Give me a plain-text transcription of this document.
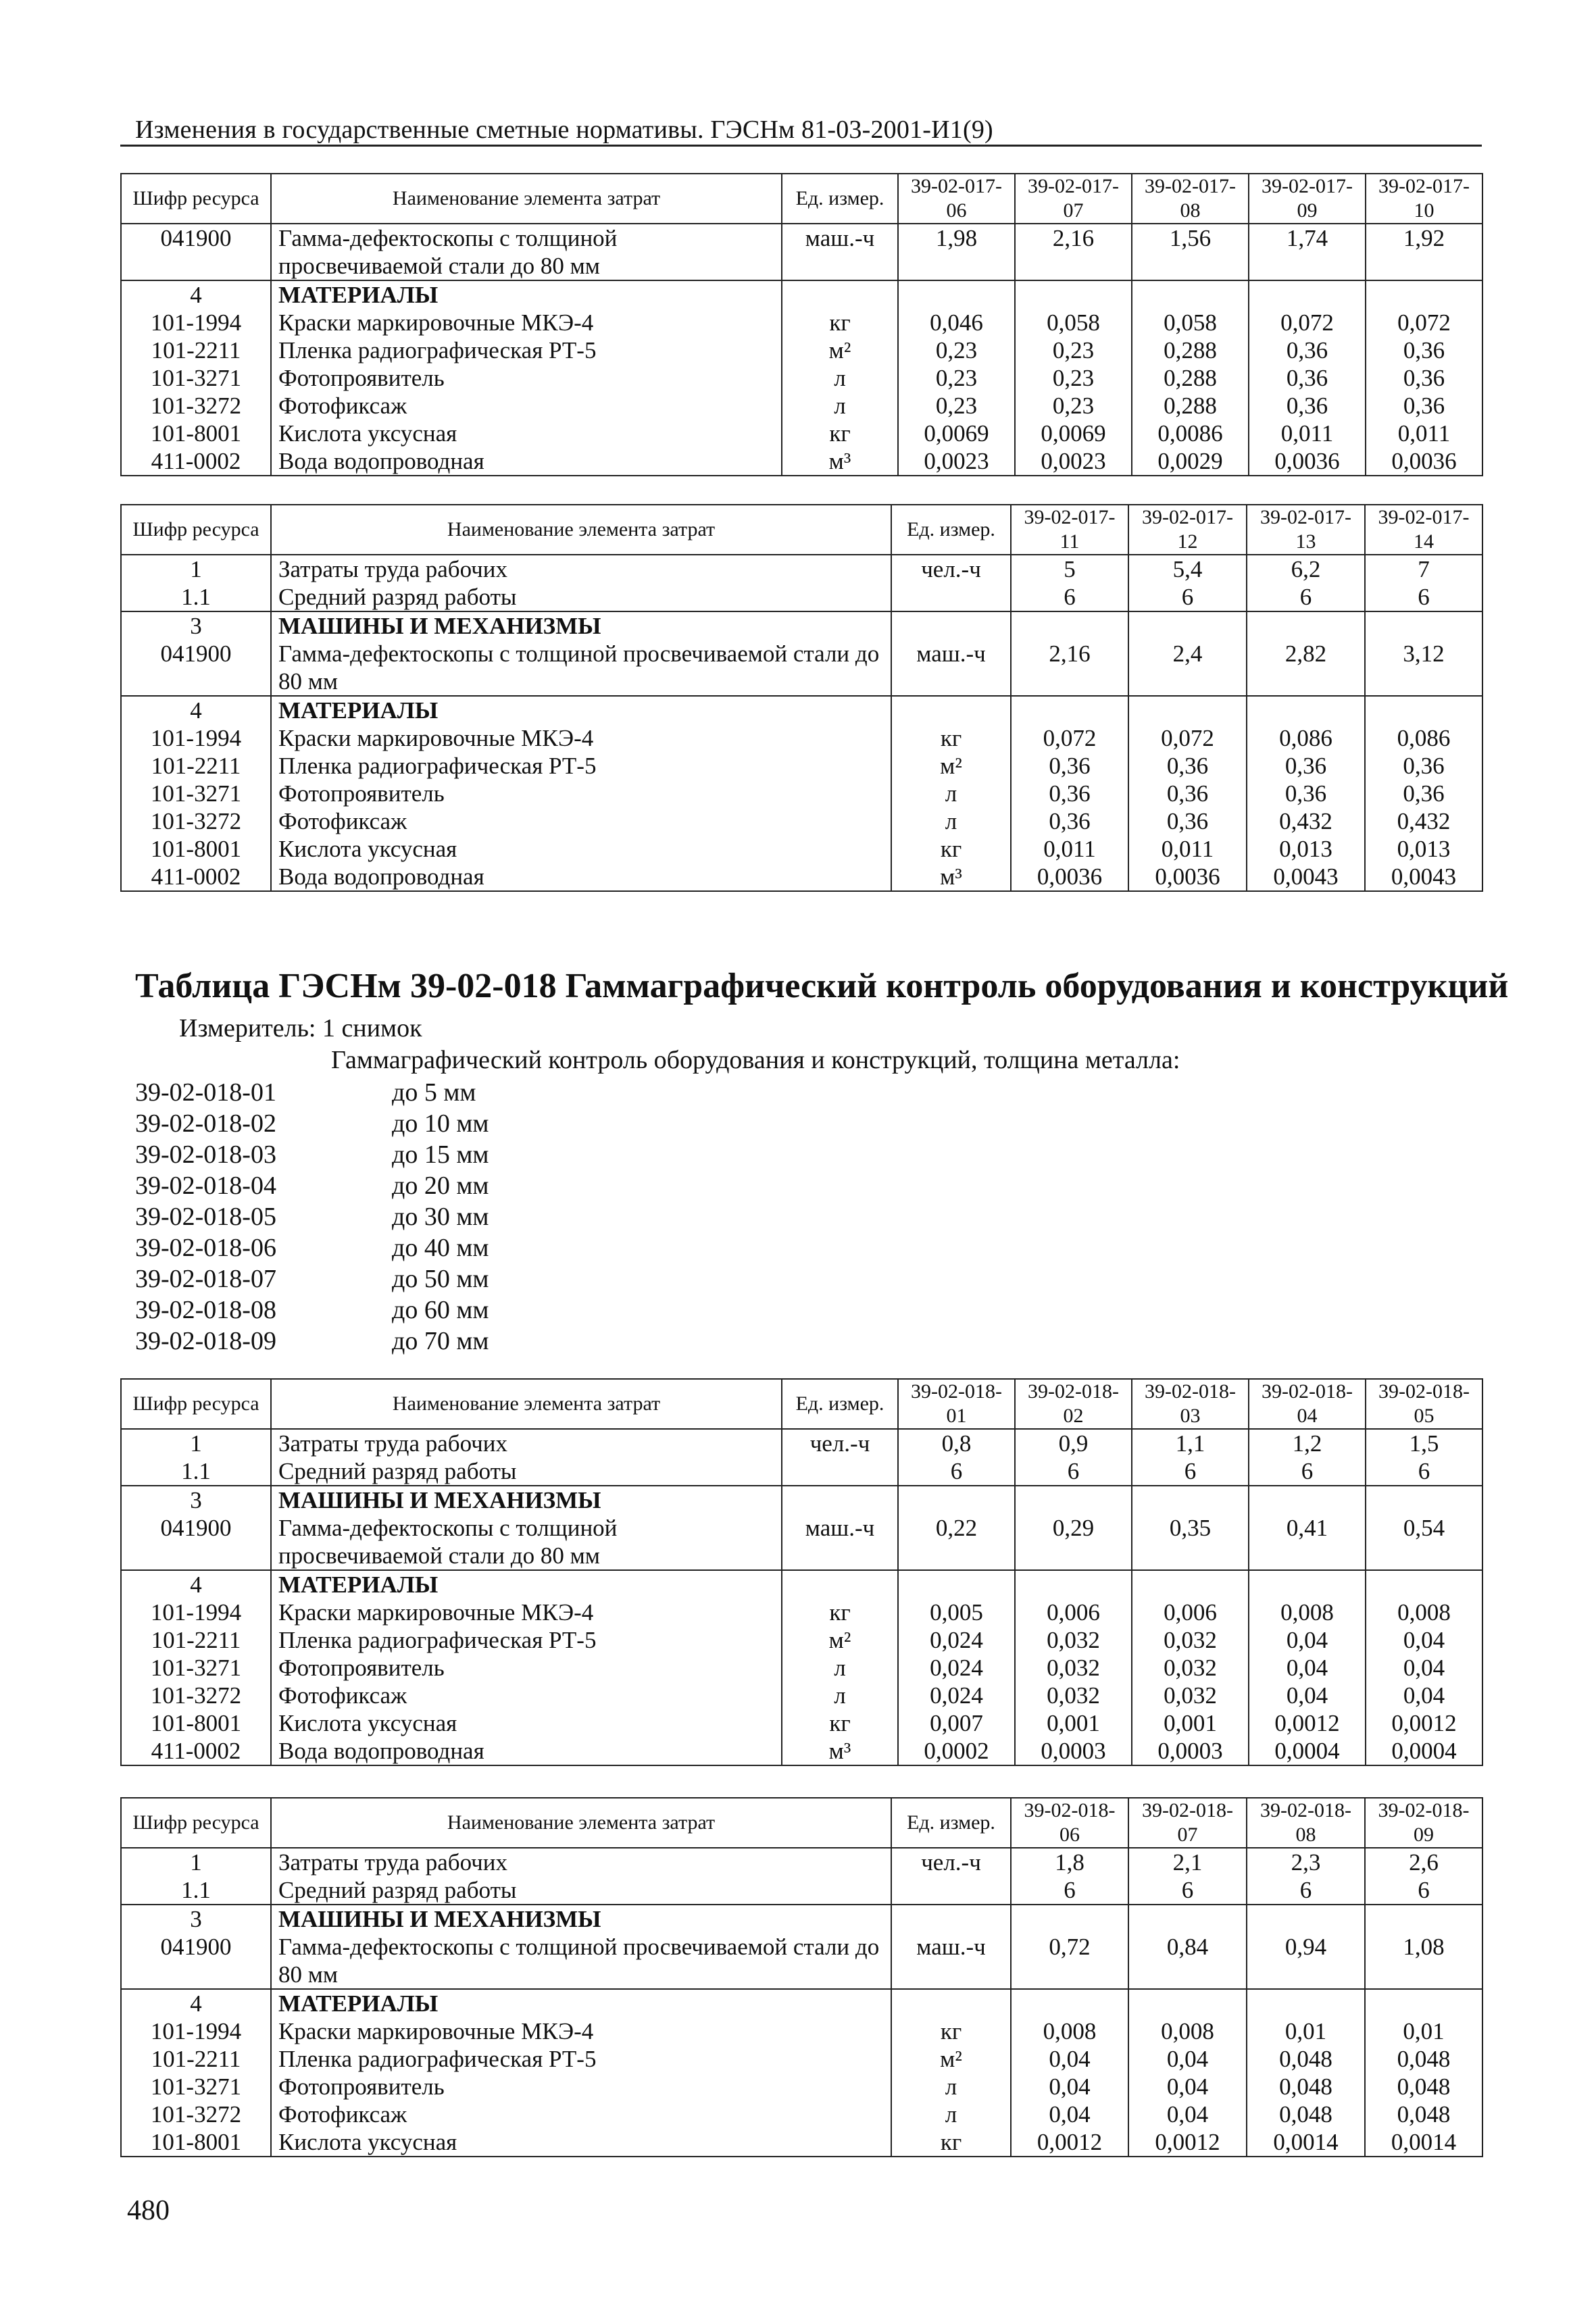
Изменения в государственные сметные нормативы. ГЭСНм 81-03-2001-И1(9)
Шифр ресурса	Наименование элемента затрат	Ед. измер.	39-02-017-06	39-02-017-07	39-02-017-08	39-02-017-09	39-02-017-10
041900	Гамма-дефектоскопы с толщиной просвечиваемой стали до 80 мм	маш.-ч	1,98	2,16	1,56	1,74	1,92
4	МАТЕРИАЛЫ						
101-1994	Краски маркировочные МКЭ-4	кг	0,046	0,058	0,058	0,072	0,072
101-2211	Пленка радиографическая РТ-5	м²	0,23	0,23	0,288	0,36	0,36
101-3271	Фотопроявитель	л	0,23	0,23	0,288	0,36	0,36
101-3272	Фотофиксаж	л	0,23	0,23	0,288	0,36	0,36
101-8001	Кислота уксусная	кг	0,0069	0,0069	0,0086	0,011	0,011
411-0002	Вода водопроводная	м³	0,0023	0,0023	0,0029	0,0036	0,0036
Шифр ресурса	Наименование элемента затрат	Ед. измер.	39-02-017-11	39-02-017-12	39-02-017-13	39-02-017-14
1	Затраты труда рабочих	чел.-ч	5	5,4	6,2	7
1.1	Средний разряд работы		6	6	6	6
3	МАШИНЫ И МЕХАНИЗМЫ					
041900	Гамма-дефектоскопы с толщиной просвечиваемой стали до 80 мм	маш.-ч	2,16	2,4	2,82	3,12
4	МАТЕРИАЛЫ					
101-1994	Краски маркировочные МКЭ-4	кг	0,072	0,072	0,086	0,086
101-2211	Пленка радиографическая РТ-5	м²	0,36	0,36	0,36	0,36
101-3271	Фотопроявитель	л	0,36	0,36	0,36	0,36
101-3272	Фотофиксаж	л	0,36	0,36	0,432	0,432
101-8001	Кислота уксусная	кг	0,011	0,011	0,013	0,013
411-0002	Вода водопроводная	м³	0,0036	0,0036	0,0043	0,0043
Таблица ГЭСНм 39-02-018 Гаммаграфический контроль оборудования и конструкций
Измеритель: 1 снимок
Гаммаграфический контроль оборудования и конструкций, толщина металла:
39-02-018-01	до 5 мм
39-02-018-02	до 10 мм
39-02-018-03	до 15 мм
39-02-018-04	до 20 мм
39-02-018-05	до 30 мм
39-02-018-06	до 40 мм
39-02-018-07	до 50 мм
39-02-018-08	до 60 мм
39-02-018-09	до 70 мм
Шифр ресурса	Наименование элемента затрат	Ед. измер.	39-02-018-01	39-02-018-02	39-02-018-03	39-02-018-04	39-02-018-05
1	Затраты труда рабочих	чел.-ч	0,8	0,9	1,1	1,2	1,5
1.1	Средний разряд работы		6	6	6	6	6
3	МАШИНЫ И МЕХАНИЗМЫ						
041900	Гамма-дефектоскопы с толщиной просвечиваемой стали до 80 мм	маш.-ч	0,22	0,29	0,35	0,41	0,54
4	МАТЕРИАЛЫ						
101-1994	Краски маркировочные МКЭ-4	кг	0,005	0,006	0,006	0,008	0,008
101-2211	Пленка радиографическая РТ-5	м²	0,024	0,032	0,032	0,04	0,04
101-3271	Фотопроявитель	л	0,024	0,032	0,032	0,04	0,04
101-3272	Фотофиксаж	л	0,024	0,032	0,032	0,04	0,04
101-8001	Кислота уксусная	кг	0,007	0,001	0,001	0,0012	0,0012
411-0002	Вода водопроводная	м³	0,0002	0,0003	0,0003	0,0004	0,0004
Шифр ресурса	Наименование элемента затрат	Ед. измер.	39-02-018-06	39-02-018-07	39-02-018-08	39-02-018-09
1	Затраты труда рабочих	чел.-ч	1,8	2,1	2,3	2,6
1.1	Средний разряд работы		6	6	6	6
3	МАШИНЫ И МЕХАНИЗМЫ					
041900	Гамма-дефектоскопы с толщиной просвечиваемой стали до 80 мм	маш.-ч	0,72	0,84	0,94	1,08
4	МАТЕРИАЛЫ					
101-1994	Краски маркировочные МКЭ-4	кг	0,008	0,008	0,01	0,01
101-2211	Пленка радиографическая РТ-5	м²	0,04	0,04	0,048	0,048
101-3271	Фотопроявитель	л	0,04	0,04	0,048	0,048
101-3272	Фотофиксаж	л	0,04	0,04	0,048	0,048
101-8001	Кислота уксусная	кг	0,0012	0,0012	0,0014	0,0014
480
